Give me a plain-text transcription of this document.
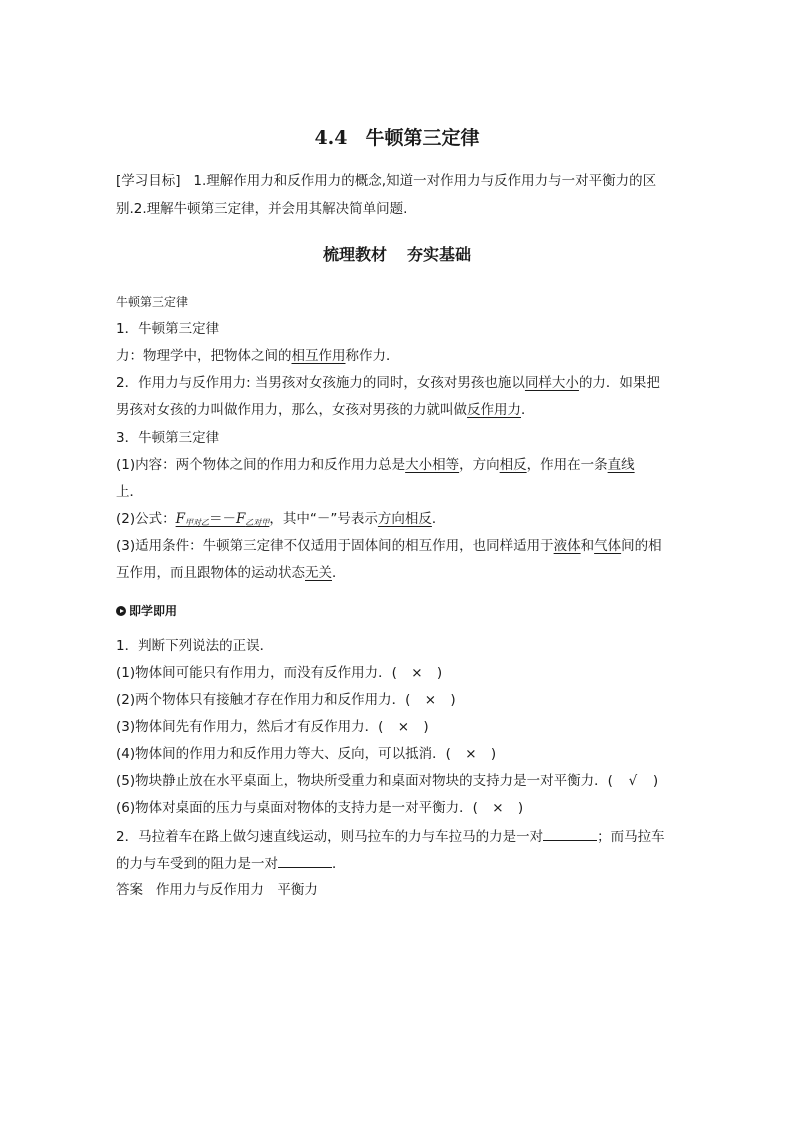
4.4 牛顿第三定律
[学习目标] 1.理解作用力和反作用力的概念,知道一对作用力与反作用力与一对平衡力的区
别.2.理解牛顿第三定律，并会用其解决简单问题.
梳理教材 夯实基础
牛顿第三定律
1．牛顿第三定律
力：物理学中，把物体之间的相互作用称作力．
2．作用力与反作用力: 当男孩对女孩施力的同时，女孩对男孩也施以同样大小的力．如果把
男孩对女孩的力叫做作用力，那么，女孩对男孩的力就叫做反作用力．
3．牛顿第三定律
(1)内容：两个物体之间的作用力和反作用力总是大小相等，方向相反，作用在一条直线
上．
(2)公式：$F_{甲对乙}=-F_{乙对甲}$，其中“－”号表示方向相反．
(3)适用条件：牛顿第三定律不仅适用于固体间的相互作用，也同样适用于液体和气体间的相
互作用，而且跟物体的运动状态无关．
即学即用
1．判断下列说法的正误．
(1)物体间可能只有作用力，而没有反作用力．( × )
(2)两个物体只有接触才存在作用力和反作用力．( × )
(3)物体间先有作用力，然后才有反作用力．( × )
(4)物体间的作用力和反作用力等大、反向，可以抵消．( × )
(5)物块静止放在水平桌面上，物块所受重力和桌面对物块的支持力是一对平衡力．( √ )
(6)物体对桌面的压力与桌面对物体的支持力是一对平衡力．( × )
2．马拉着车在路上做匀速直线运动，则马拉车的力与车拉马的力是一对	；而马拉车
的力与车受到的阻力是一对	．
答案 作用力与反作用力　平衡力
